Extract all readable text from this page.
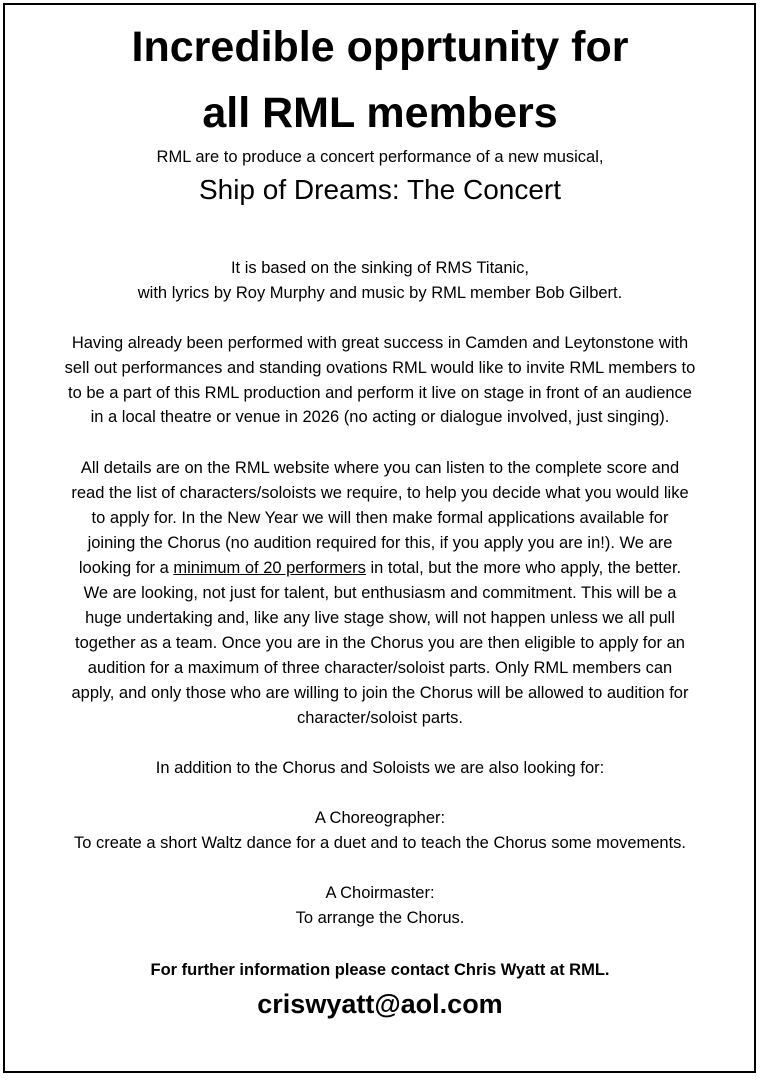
Incredible opprtunity for
all RML members
RML are to produce a concert performance of a new musical,
Ship of Dreams: The Concert
It is based on the sinking of RMS Titanic,
with lyrics by Roy Murphy and music by RML member Bob Gilbert.
Having already been performed with great success in Camden and Leytonstone with
sell out performances and standing ovations RML would like to invite RML members to
to be a part of this RML production and perform it live on stage in front of an audience
in a local theatre or venue in 2026 (no acting or dialogue involved, just singing).
All details are on the RML website where you can listen to the complete score and
read the list of characters/soloists we require, to help you decide what you would like
to apply for. In the New Year we will then make formal applications available for
joining the Chorus (no audition required for this, if you apply you are in!). We are
looking for a minimum of 20 performers in total, but the more who apply, the better.
We are looking, not just for talent, but enthusiasm and commitment. This will be a
huge undertaking and, like any live stage show, will not happen unless we all pull
together as a team. Once you are in the Chorus you are then eligible to apply for an
audition for a maximum of three character/soloist parts. Only RML members can
apply, and only those who are willing to join the Chorus will be allowed to audition for
character/soloist parts.
In addition to the Chorus and Soloists we are also looking for:
A Choreographer:
To create a short Waltz dance for a duet and to teach the Chorus some movements.
A Choirmaster:
To arrange the Chorus.
For further information please contact Chris Wyatt at RML.
criswyatt@aol.com
